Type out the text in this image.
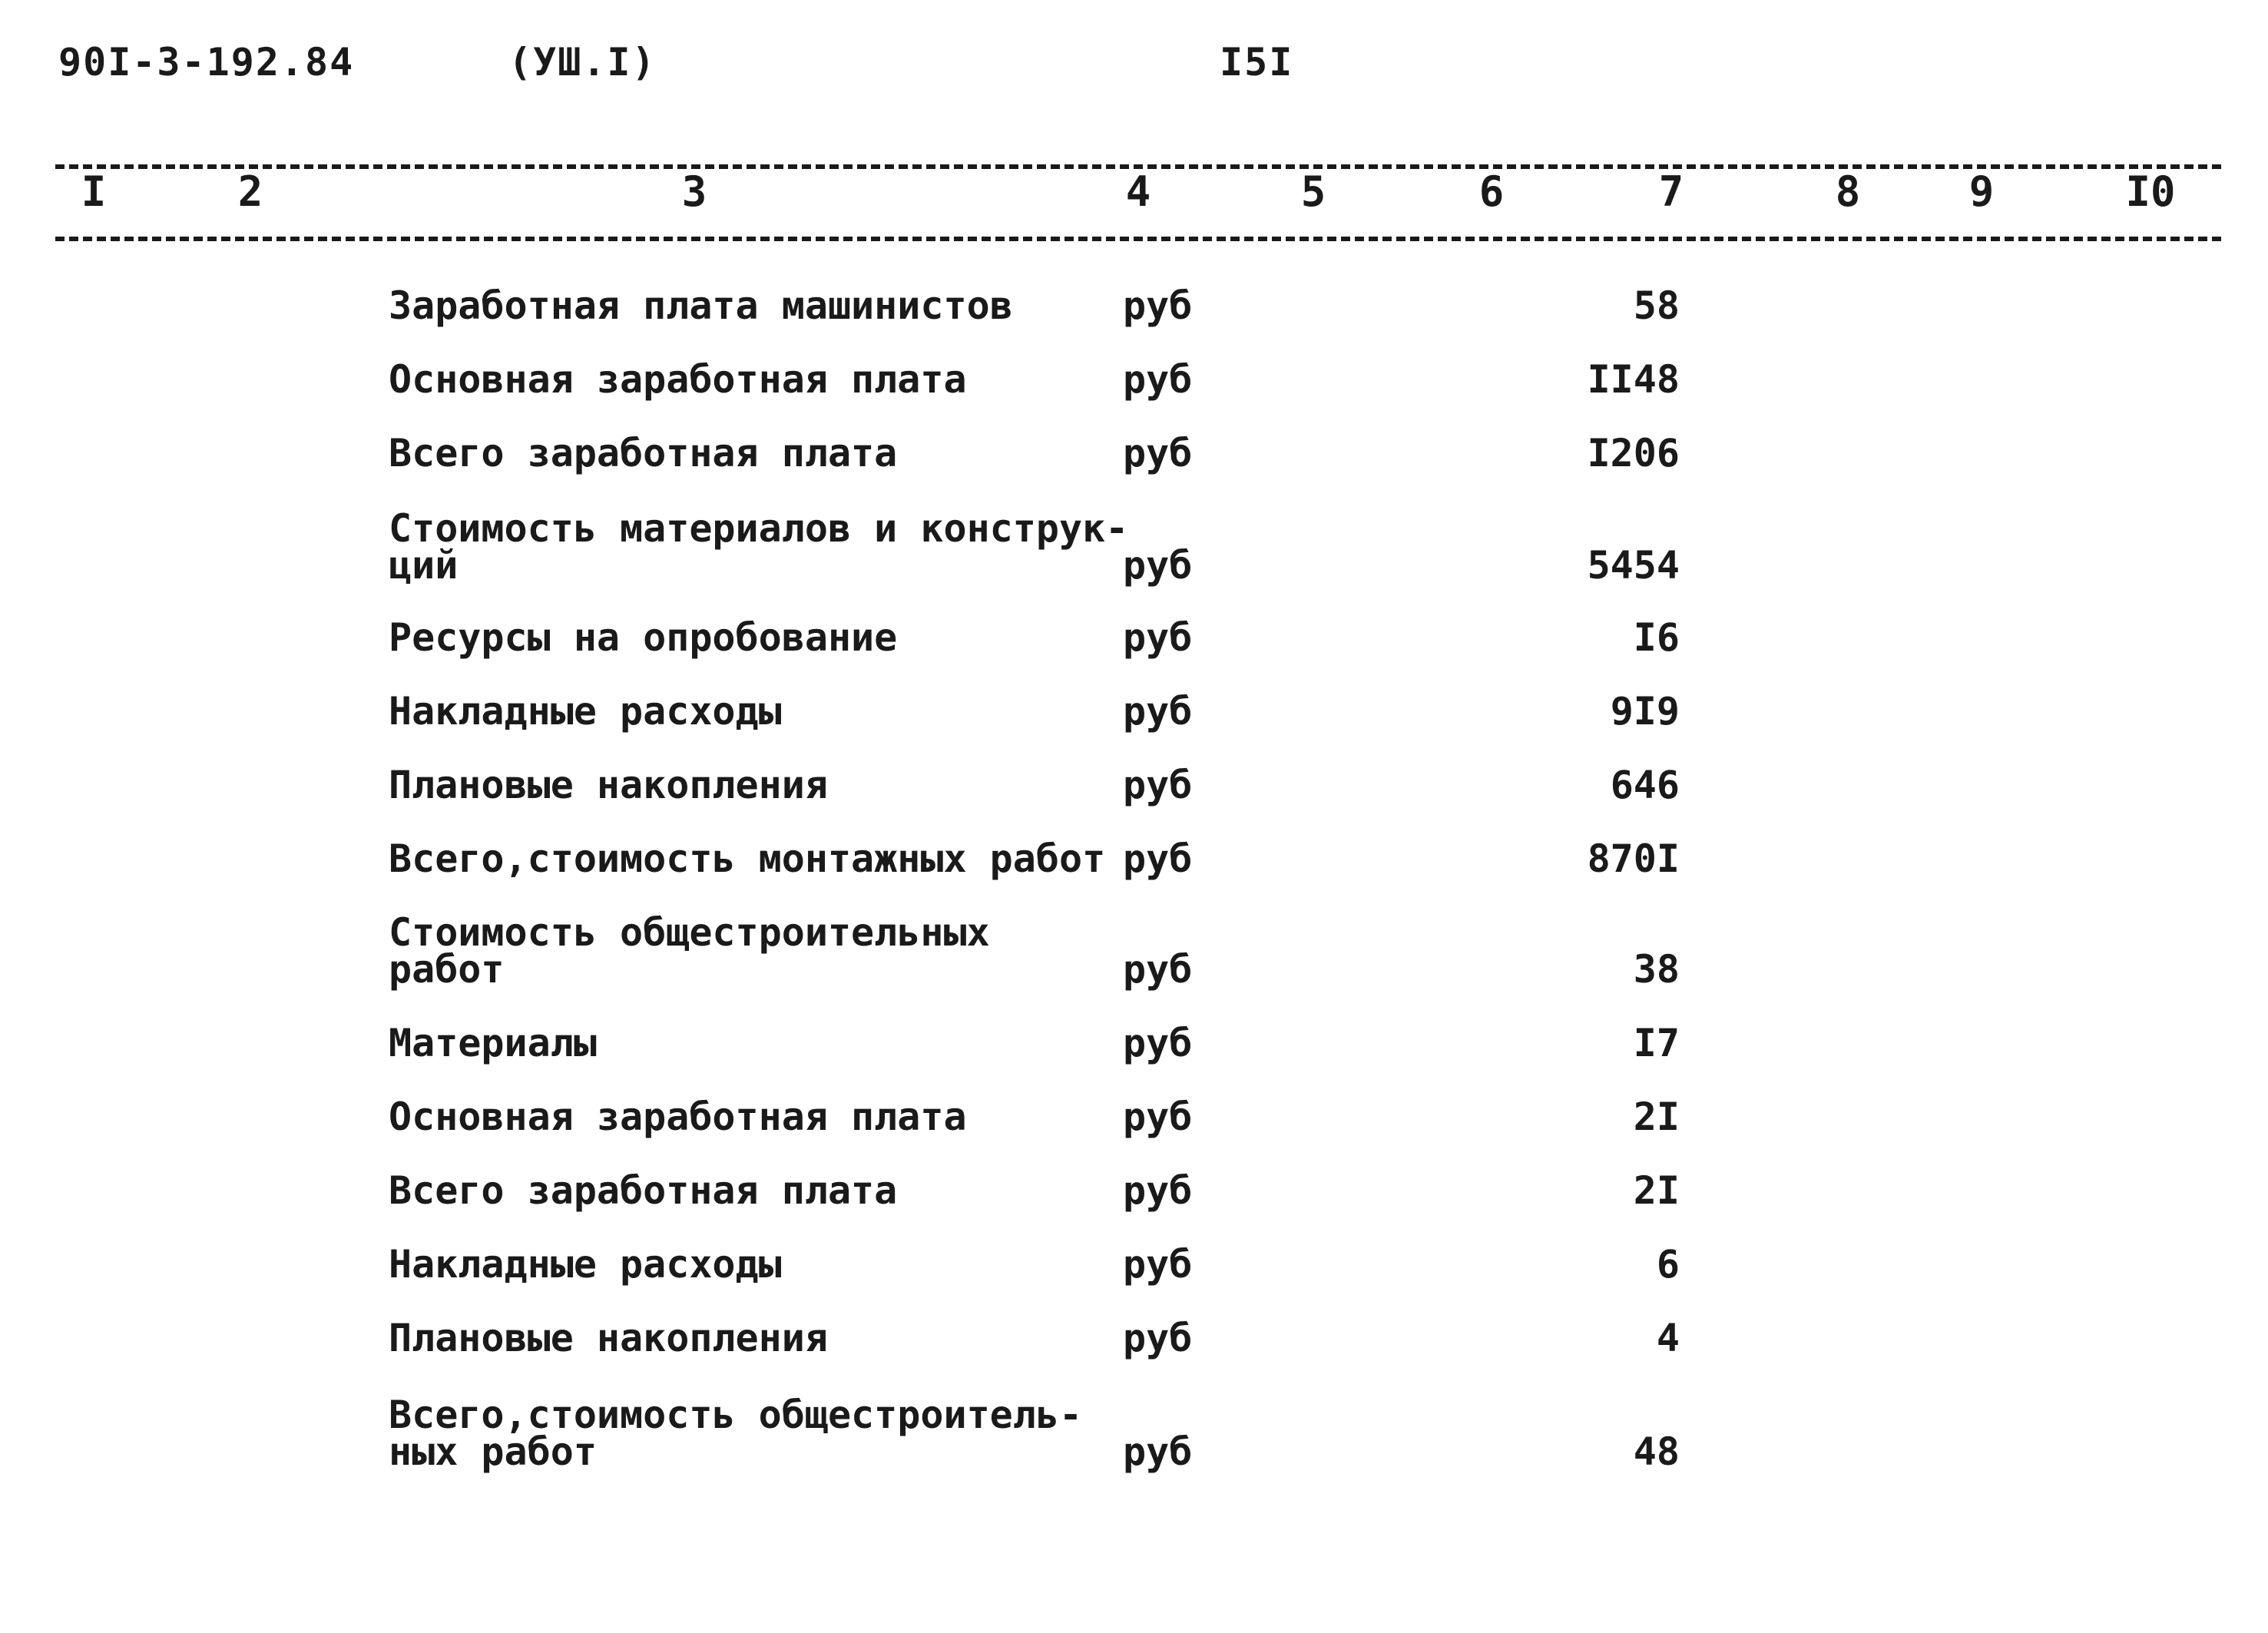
90I-3-192.84	(УШ.I)	I5I
I	2	3	4	5	6	7	8	9	I0
Заработная плата машинистов	руб	58
Основная заработная плата	руб	II48
Всего заработная плата	руб	I206
Стоимость материалов и конструк-
ций	руб	5454
Ресурсы на опробование	руб	I6
Накладные расходы	руб	9I9
Плановые накопления	руб	646
Всего,стоимость монтажных работ руб	870I
Стоимость общестроительных
работ	руб	38
Материалы	руб	I7
Основная заработная плата	руб	2I
Всего заработная плата	руб	2I
Накладные расходы	руб	6
Плановые накопления	руб	4
Всего,стоимость общестроитель-
ных работ	руб	48
